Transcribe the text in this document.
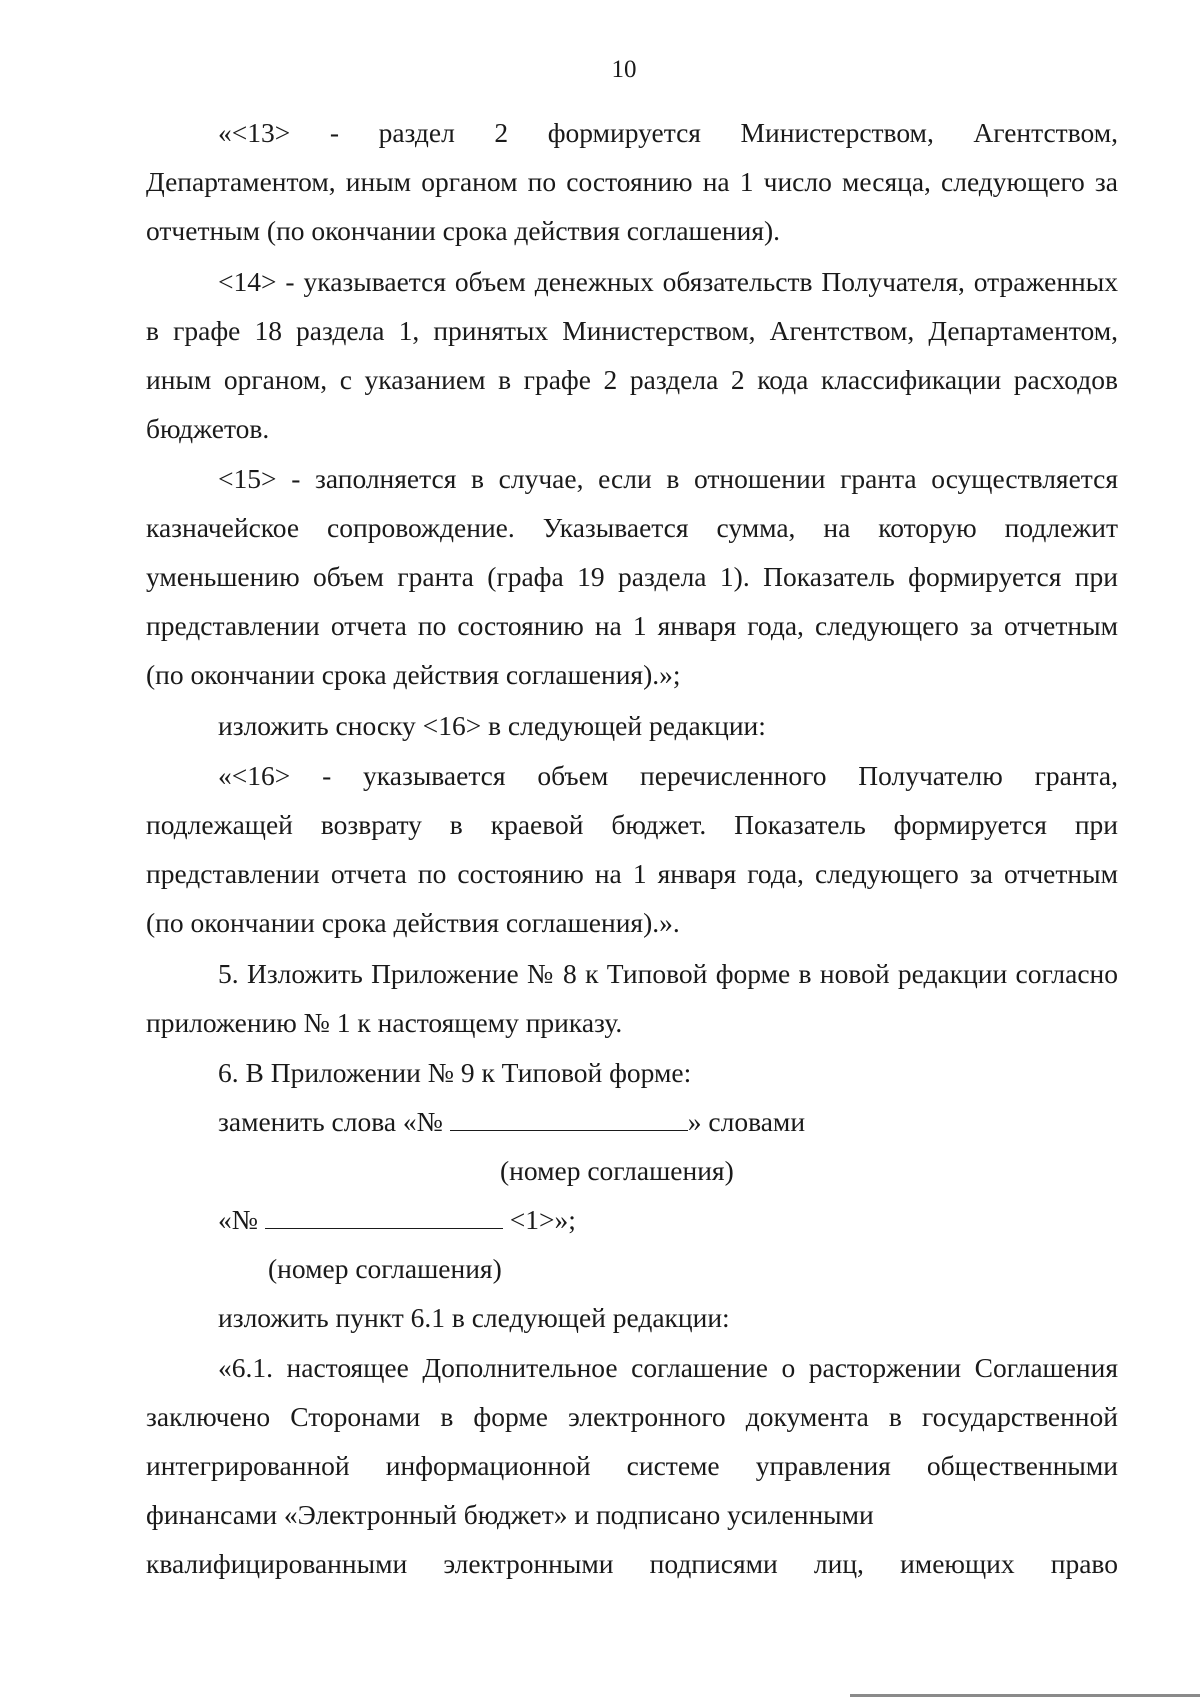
10

«<13> - раздел 2 формируется Министерством, Агентством, Департаментом, иным органом по состоянию на 1 число месяца, следующего за отчетным (по окончании срока действия соглашения).

<14> - указывается объем денежных обязательств Получателя, отраженных в графе 18 раздела 1, принятых Министерством, Агентством, Департаментом, иным органом, с указанием в графе 2 раздела 2 кода классификации расходов бюджетов.

<15> - заполняется в случае, если в отношении гранта осуществляется казначейское сопровождение. Указывается сумма, на которую подлежит уменьшению объем гранта (графа 19 раздела 1). Показатель формируется при представлении отчета по состоянию на 1 января года, следующего за отчетным (по окончании срока действия соглашения).»;

изложить сноску <16> в следующей редакции:

«<16> - указывается объем перечисленного Получателю гранта, подлежащей возврату в краевой бюджет. Показатель формируется при представлении отчета по состоянию на 1 января года, следующего за отчетным (по окончании срока действия соглашения).».

5. Изложить Приложение № 8 к Типовой форме в новой редакции согласно приложению № 1 к настоящему приказу.

6. В Приложении № 9 к Типовой форме:

заменить слова «№	» словами

(номер соглашения)

«№	<1>»;

(номер соглашения)

изложить пункт 6.1 в следующей редакции:

«6.1. настоящее Дополнительное соглашение о расторжении Соглашения заключено Сторонами в форме электронного документа в государственной интегрированной информационной системе управления общественными финансами «Электронный бюджет» и подписано усиленными

квалифицированными электронными подписями лиц, имеющих право
